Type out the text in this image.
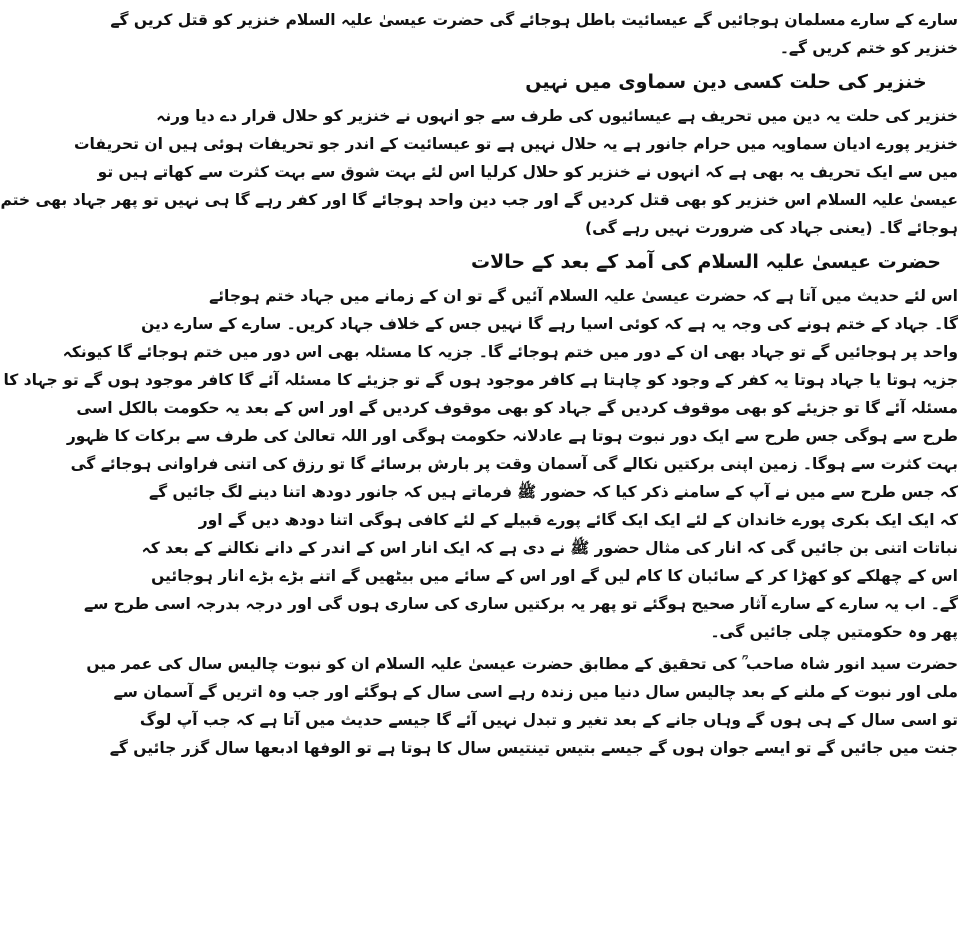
سارے کے سارے مسلمان ہوجائیں گے عیسائیت باطل ہوجائے گی حضرت عیسیٰ علیہ السلام خنزیر کو قتل کریں گے
خنزیر کو ختم کریں گے۔
خنزیر کی حلت کسی دین سماوی میں نہیں
خنزیر کی حلت یہ دین میں تحریف ہے عیسائیوں کی طرف سے جو انہوں نے خنزیر کو حلال قرار دے دیا ورنہ
خنزیر پورے ادیان سماویہ میں حرام جانور ہے یہ حلال نہیں ہے تو عیسائیت کے اندر جو تحریفات ہوئی ہیں ان تحریفات
میں سے ایک تحریف یہ بھی ہے کہ انہوں نے خنزیر کو حلال کرلیا اس لئے بہت شوق سے بہت کثرت سے کھاتے ہیں تو
عیسیٰ علیہ السلام اس خنزیر کو بھی قتل کردیں گے اور جب دین واحد ہوجائے گا اور کفر رہے گا ہی نہیں تو پھر جہاد بھی ختم
ہوجائے گا۔ (یعنی جہاد کی ضرورت نہیں رہے گی)
حضرت عیسیٰ علیہ السلام کی آمد کے بعد کے حالات
اس لئے حدیث میں آتا ہے کہ حضرت عیسیٰ علیہ السلام آئیں گے تو ان کے زمانے میں جہاد ختم ہوجائے
گا۔ جہاد کے ختم ہونے کی وجہ یہ ہے کہ کوئی اسیا رہے گا نہیں جس کے خلاف جہاد کریں۔ سارے کے سارے دین
واحد پر ہوجائیں گے تو جہاد بھی ان کے دور میں ختم ہوجائے گا۔ جزیہ کا مسئلہ بھی اس دور میں ختم ہوجائے گا کیونکہ
جزیہ ہوتا یا جہاد ہوتا یہ کفر کے وجود کو چاہتا ہے کافر موجود ہوں گے تو جزیئے کا مسئلہ آئے گا کافر موجود ہوں گے تو جہاد کا
مسئلہ آئے گا تو جزیئے کو بھی موقوف کردیں گے جہاد کو بھی موقوف کردیں گے اور اس کے بعد یہ حکومت بالکل اسی
طرح سے ہوگی جس طرح سے ایک دور نبوت ہوتا ہے عادلانہ حکومت ہوگی اور اللہ تعالیٰ کی طرف سے برکات کا ظہور
بہت کثرت سے ہوگا۔ زمین اپنی برکتیں نکالے گی آسمان وقت پر بارش برسائے گا تو رزق کی اتنی فراوانی ہوجائے گی
کہ جس طرح سے میں نے آپ کے سامنے ذکر کیا کہ حضور ﷺ فرماتے ہیں کہ جانور دودھ اتنا دینے لگ جائیں گے
کہ ایک ایک بکری پورے خاندان کے لئے ایک ایک گائے پورے قبیلے کے لئے کافی ہوگی اتنا دودھ دیں گے اور
نباتات اتنی بن جائیں گی کہ انار کی مثال حضور ﷺ نے دی ہے کہ ایک انار اس کے اندر کے دانے نکالنے کے بعد کہ
اس کے چھلکے کو کھڑا کر کے سائبان کا کام لیں گے اور اس کے سائے میں بیٹھیں گے اتنے بڑے بڑے انار ہوجائیں
گے۔ اب یہ سارے کے سارے آثار صحیح ہوگئے تو پھر یہ برکتیں ساری کی ساری ہوں گی اور درجہ بدرجہ اسی طرح سے
پھر وہ حکومتیں چلی جائیں گی۔
حضرت سید انور شاہ صاحب ؒ کی تحقیق کے مطابق حضرت عیسیٰ علیہ السلام ان کو نبوت چالیس سال کی عمر میں
ملی اور نبوت کے ملنے کے بعد چالیس سال دنیا میں زندہ رہے اسی سال کے ہوگئے اور جب وہ اتریں گے آسمان سے
تو اسی سال کے ہی ہوں گے وہاں جانے کے بعد تغیر و تبدل نہیں آئے گا جیسے حدیث میں آتا ہے کہ جب آپ لوگ
جنت میں جائیں گے تو ایسے جوان ہوں گے جیسے بتیس تینتیس سال کا ہوتا ہے تو الوفها ادبعها سال گزر جائیں گے
